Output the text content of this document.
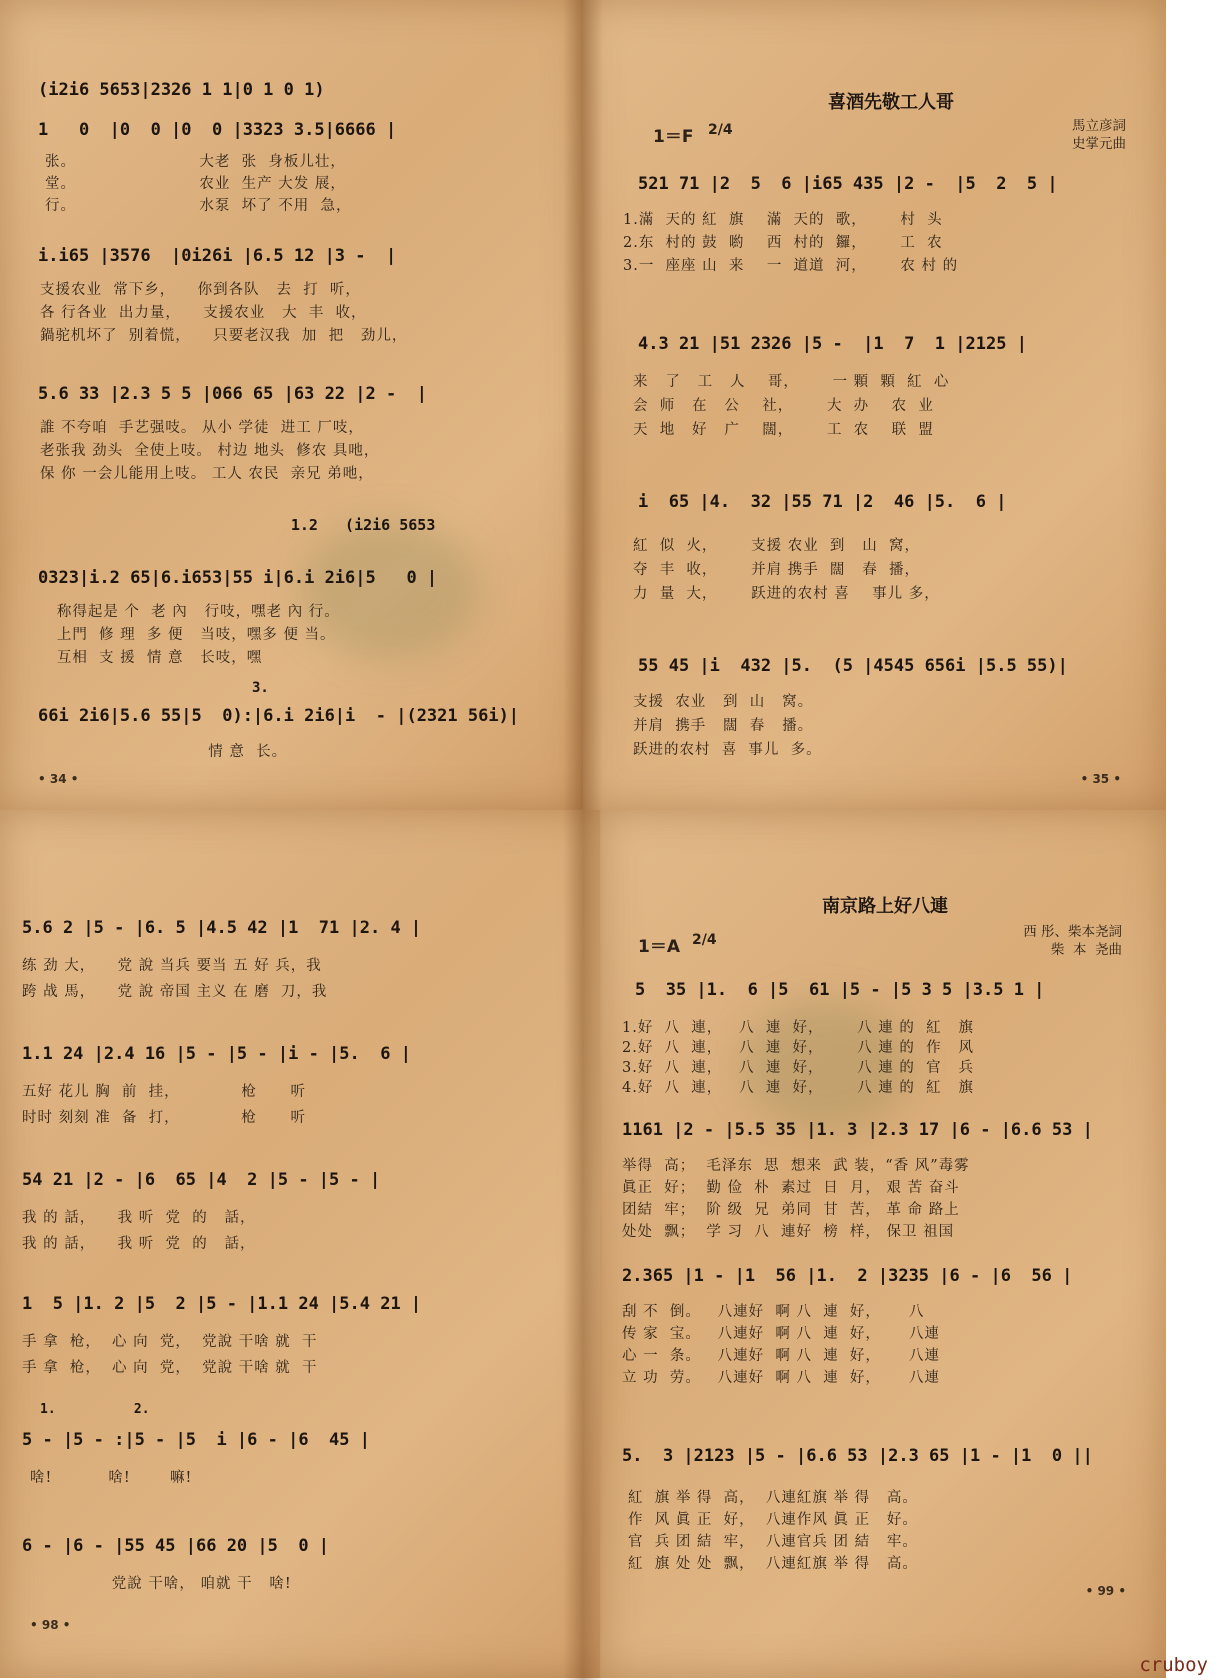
(i2i6 5653|2326 1 1|0 1 0 1)
1   0  |0  0 |0  0 |3323 3.5|6666 |
张。                      大老  张  身板儿壮，
堂。                      农业  生产 大发 展，
行。                      水泵  坏了 不用  急，
i.i65 |3576  |0i26i |6.5 12 |3 -  |
支援农业  常下乡，    你到各队   去  打  听，
各 行各业  出力量，    支援农业   大  丰  收，
鍋驼机坏了  别着慌，    只要老汉我  加  把   劲儿，
5.6 33 |2.3 5 5 |066 65 |63 22 |2 -  |
誰 不夸咱  手艺强吱。 从小 学徒  进工 厂吱，
老张我 劲头  全使上吱。 村边 地头  修农 具吔，
保 你 一会儿能用上吱。 工人 农民  亲兄 弟吔，
1.2   (i2i6 5653
0323|i.2 65|6.i653|55 i|6.i 2i6|5   0 |
称得起是 个  老 內   行吱，嘿老 內 行。
上門  修 理  多 便   当吱，嘿多 便 当。
互相  支 援  情 意   长吱，嘿
3.
66i 2i6|5.6 55|5  0):|6.i 2i6|i  - |(2321 56i)|
情 意  长。
• 34 •
喜酒先敬工人哥
1＝F 2/4	馬立彦詞
史掌元曲
521 71 |2  5  6 |i65 435 |2 -  |5  2  5 |
1.滿  天的 紅  旗    滿  天的  歌，      村  头
2.东  村的 鼓  喲    西  村的  鑼，      工  农
3.一  座座 山  来    一  道道  河，      农 村 的
4.3 21 |51 2326 |5 -  |1  7  1 |2125 |
来   了   工   人    哥，      一 顆  顆  紅  心
会  师   在   公    社，      大  办    农  业
天  地   好   广    闊，      工  农    联  盟
i  65 |4.  32 |55 71 |2  46 |5.  6 |
紅  似  火，      支援 农业  到   山  窝，
夺  丰  收，      并肩 携手  闊   春  播，
力  量  大，      跃进的农村 喜    事儿 多，
55 45 |i  432 |5.  (5 |4545 656i |5.5 55)|
支援  农业   到  山   窝。
并肩  携手   闊  春   播。
跃进的农村  喜  事儿  多。
• 35 •
5.6 2 |5 - |6. 5 |4.5 42 |1  71 |2. 4 |
练 劲 大，    党 說 当兵 要当 五 好 兵，我
跨 战 馬，    党 說 帝国 主义 在 磨  刀，我
1.1 24 |2.4 16 |5 - |5 - |i - |5.  6 |
五好 花儿 胸  前  挂，           枪      听
时时 刻刻 准  备  打，           枪      听
54 21 |2 - |6  65 |4  2 |5 - |5 - |
我 的 話，    我 听  党  的   話，
我 的 話，    我 听  党  的   話，
1  5 |1. 2 |5  2 |5 - |1.1 24 |5.4 21 |
手 拿  枪，  心 向  党，  党說 干啥 就  干
手 拿  枪，  心 向  党，  党說 干啥 就  干
1.          2.
5 - |5 - :|5 - |5  i |6 - |6  45 |
啥!          啥!       嘛!
6 - |6 - |55 45 |66 20 |5  0 |
党說 干啥， 咱就 干   啥!
• 98 •
南京路上好八連
1＝A 2/4	西 彤、柴本尧詞
柴  本  尧曲
5  35 |1.  6 |5  61 |5 - |5 3 5 |3.5 1 |
1.好  八  連，   八  連  好，      八 連 的  紅   旗
2.好  八  連，   八  連  好，      八 連 的  作   风
3.好  八  連，   八  連  好，      八 連 的  官   兵
4.好  八  連，   八  連  好，      八 連 的  紅   旗
1161 |2 - |5.5 35 |1. 3 |2.3 17 |6 - |6.6 53 |
举得  高；  毛泽东  思  想来  武 装，“香 风”毒雾
眞正  好；  勤 俭  朴  素过  日  月， 艰 苦 奋斗
团結  牢；  阶 级  兄  弟同  甘  苦， 革 命 路上
处处  飘；  学 习  八  連好  榜  样， 保卫 祖国
2.365 |1 - |1  56 |1.  2 |3235 |6 - |6  56 |
刮 不  倒。   八連好  啊 八  連  好，     八
传 家  宝。   八連好  啊 八  連  好，     八連
心 一  条。   八連好  啊 八  連  好，     八連
立 功  劳。   八連好  啊 八  連  好，     八連
5.  3 |2123 |5 - |6.6 53 |2.3 65 |1 - |1  0 ||
紅  旗 举 得  高，  八連紅旗 举 得   高。
作  风 眞 正  好，  八連作风 眞 正   好。
官  兵 团 結  牢，  八連官兵 团 結   牢。
紅  旗 处 处  飘，  八連紅旗 举 得   高。
• 99 •
cruboy
